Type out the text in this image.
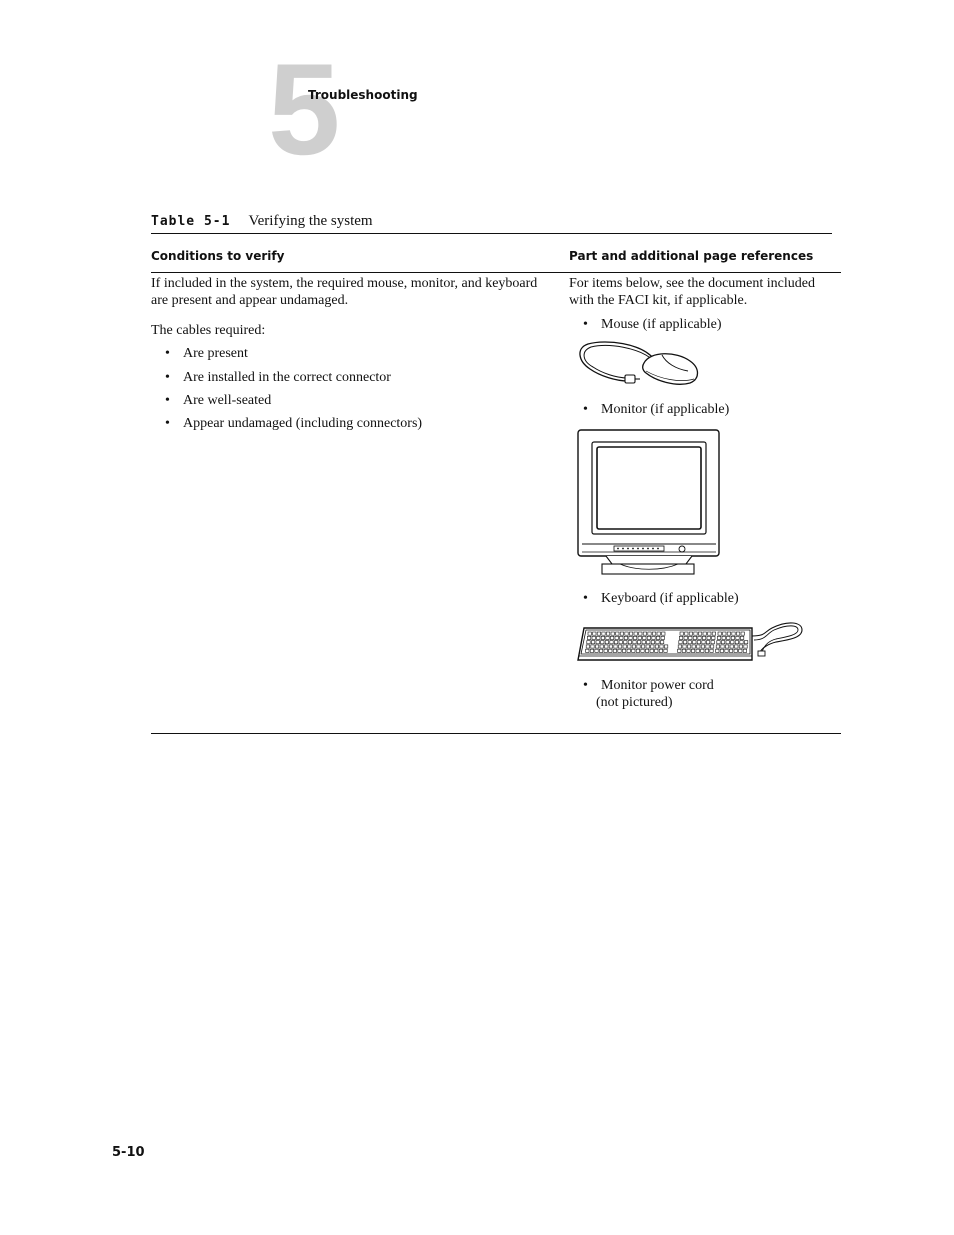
5
Troubleshooting
Table 5-1 Verifying the system
Conditions to verify	Part and additional page references
If included in the system, the required mouse, monitor, and keyboard are present and appear undamaged.
The cables required:
• Are present
• Are installed in the correct connector
• Are well-seated
• Appear undamaged (including connectors)
For items below, see the document included with the FACI kit, if applicable.
• Mouse (if applicable)
• Monitor (if applicable)
• Keyboard (if applicable)
• Monitor power cord
(not pictured)
5-10
